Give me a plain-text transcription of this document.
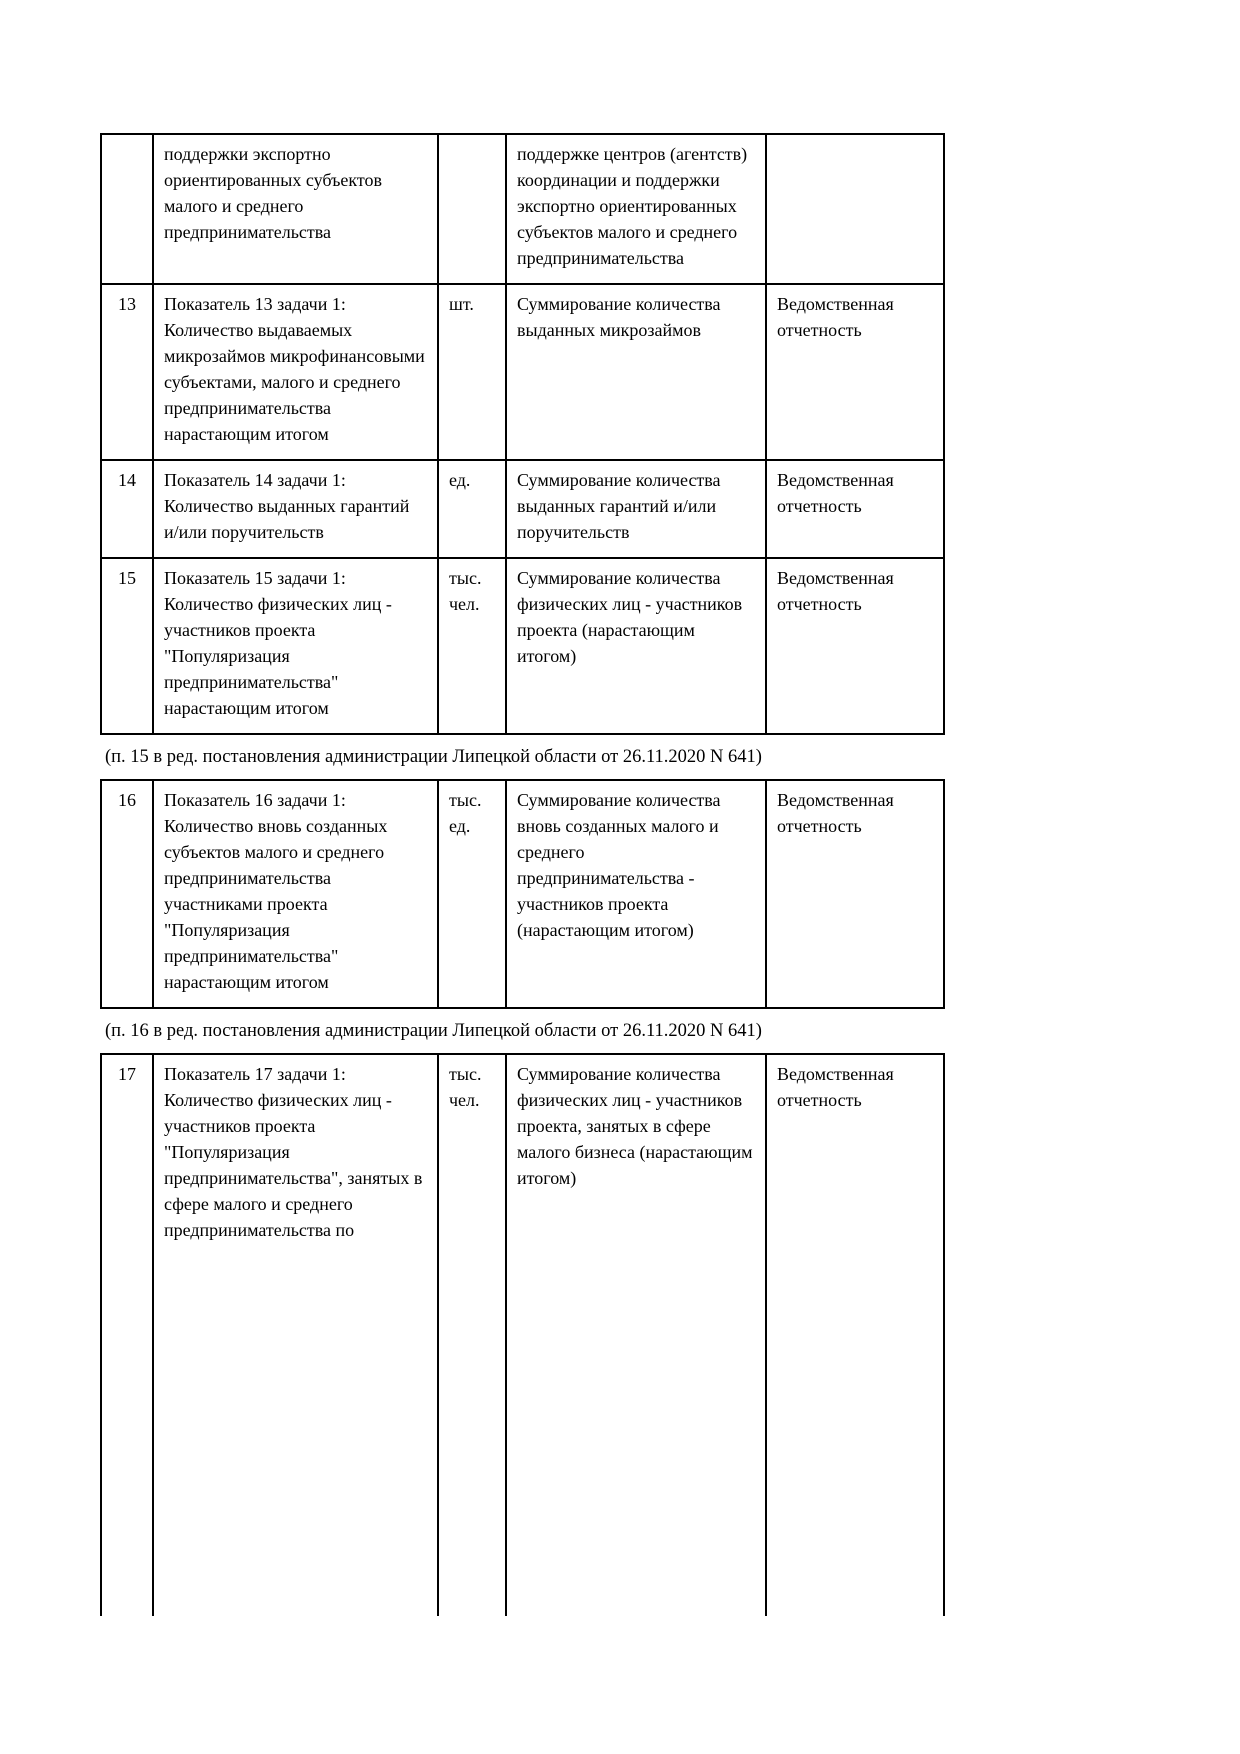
поддержки экспортно ориентированных субъектов малого и среднего предпринимательства
поддержке центров (агентств) координации и поддержки экспортно ориентированных субъектов малого и среднего предпринимательства
13	Показатель 13 задачи 1: Количество выдаваемых микрозаймов микрофинансовыми субъектами, малого и среднего предпринимательства нарастающим итогом
шт.	Суммирование количества выданных микрозаймов
Ведомственная отчетность
14	Показатель 14 задачи 1: Количество выданных гарантий и/или поручительств
ед.	Суммирование количества выданных гарантий и/или поручительств
Ведомственная отчетность
15	Показатель 15 задачи 1: Количество физических лиц - участников проекта "Популяризация предпринимательства" нарастающим итогом
тыс. чел.
Суммирование количества физических лиц - участников проекта (нарастающим итогом)
Ведомственная отчетность
(п. 15 в ред. постановления администрации Липецкой области от 26.11.2020 N 641)
16	Показатель 16 задачи 1: Количество вновь созданных субъектов малого и среднего предпринимательства участниками проекта "Популяризация предпринимательства" нарастающим итогом
тыс. ед.
Суммирование количества вновь созданных малого и среднего предпринимательства - участников проекта (нарастающим итогом)
Ведомственная отчетность
(п. 16 в ред. постановления администрации Липецкой области от 26.11.2020 N 641)
17	Показатель 17 задачи 1: Количество физических лиц - участников проекта "Популяризация предпринимательства", занятых в сфере малого и среднего предпринимательства по
тыс. чел.
Суммирование количества физических лиц - участников проекта, занятых в сфере малого бизнеса (нарастающим итогом)
Ведомственная отчетность
